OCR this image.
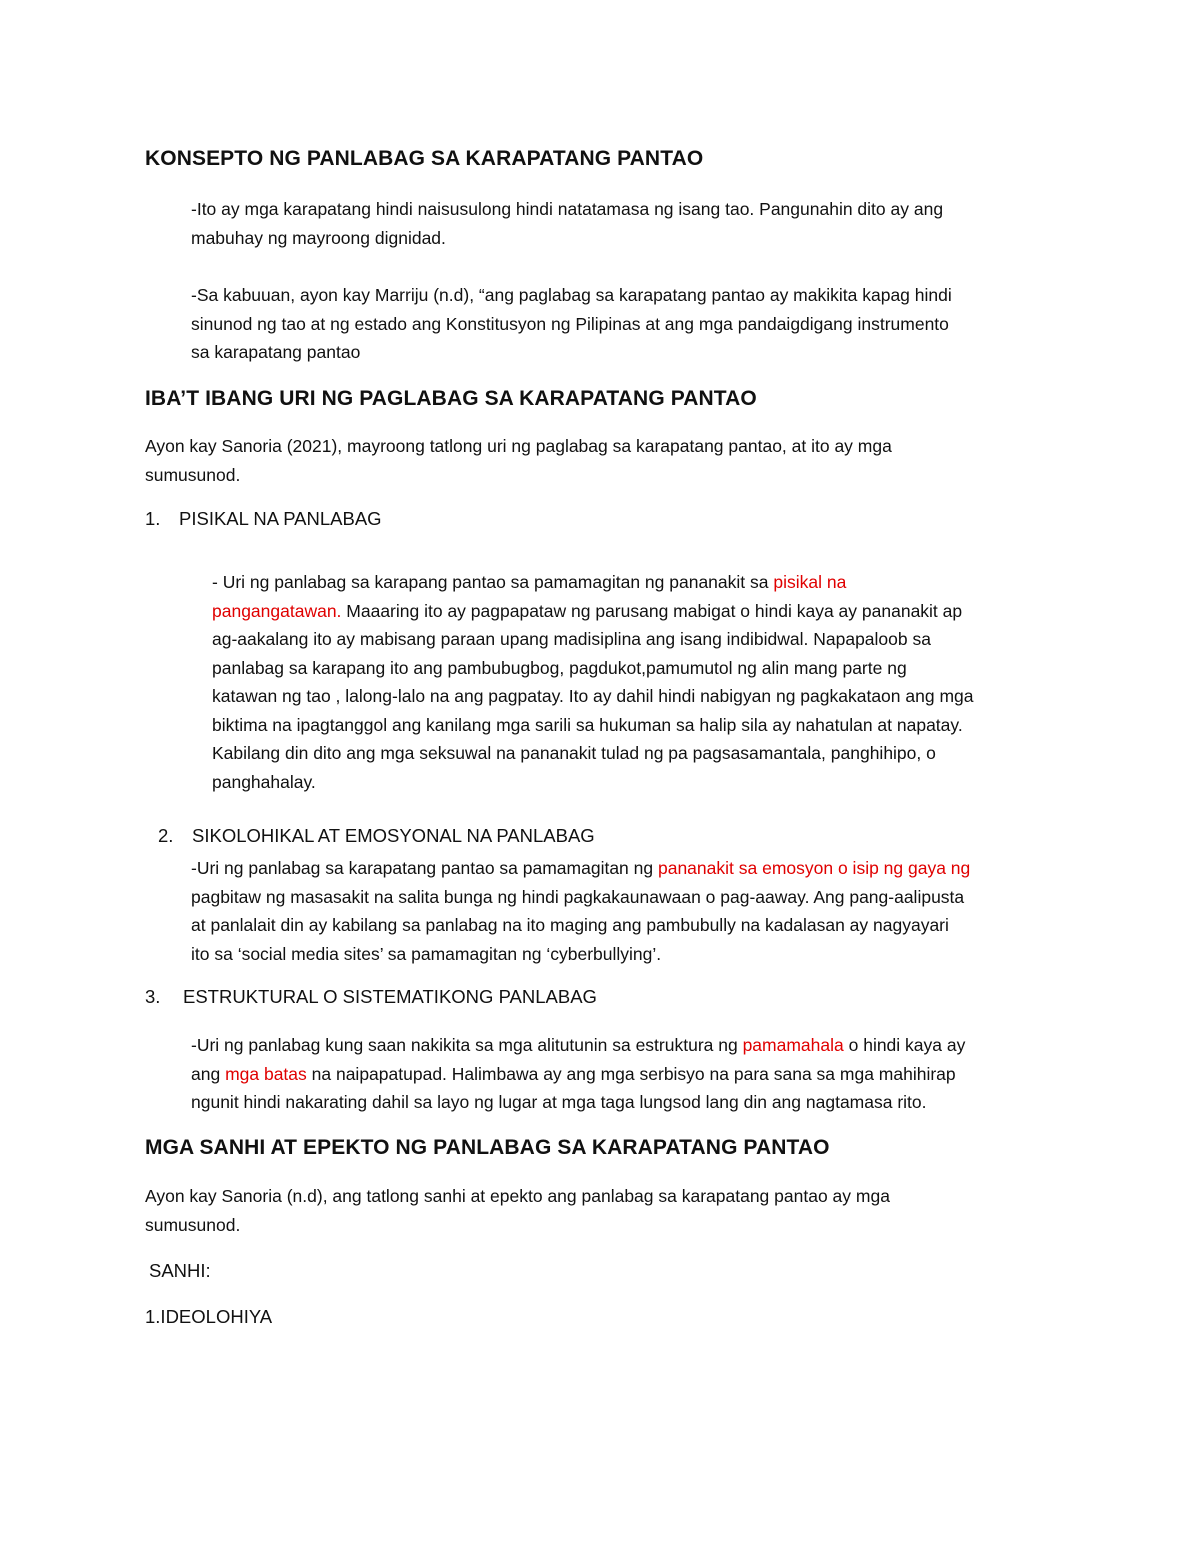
KONSEPTO NG PANLABAG SA KARAPATANG PANTAO
-Ito ay mga karapatang hindi naisusulong hindi natatamasa ng isang tao. Pangunahin dito ay ang
mabuhay ng mayroong dignidad.
-Sa kabuuan, ayon kay Marriju (n.d), “ang paglabag sa karapatang pantao ay makikita kapag hindi
sinunod ng tao at ng estado ang Konstitusyon ng Pilipinas at ang mga pandaigdigang instrumento
sa karapatang pantao
IBA’T IBANG URI NG PAGLABAG SA KARAPATANG PANTAO
Ayon kay Sanoria (2021), mayroong tatlong uri ng paglabag sa karapatang pantao, at ito ay mga
sumusunod.
1. PISIKAL NA PANLABAG
- Uri ng panlabag sa karapang pantao sa pamamagitan ng pananakit sa pisikal na
pangangatawan. Maaaring ito ay pagpapataw ng parusang mabigat o hindi kaya ay pananakit ap
ag-aakalang ito ay mabisang paraan upang madisiplina ang isang indibidwal. Napapaloob sa
panlabag sa karapang ito ang pambubugbog, pagdukot,pamumutol ng alin mang parte ng
katawan ng tao , lalong-lalo na ang pagpatay. Ito ay dahil hindi nabigyan ng pagkakataon ang mga
biktima na ipagtanggol ang kanilang mga sarili sa hukuman sa halip sila ay nahatulan at napatay.
Kabilang din dito ang mga seksuwal na pananakit tulad ng pa pagsasamantala, panghihipo, o
panghahalay.
2. SIKOLOHIKAL AT EMOSYONAL NA PANLABAG
-Uri ng panlabag sa karapatang pantao sa pamamagitan ng pananakit sa emosyon o isip ng gaya ng
pagbitaw ng masasakit na salita bunga ng hindi pagkakaunawaan o pag-aaway. Ang pang-aalipusta
at panlalait din ay kabilang sa panlabag na ito maging ang pambubully na kadalasan ay nagyayari
ito sa ‘social media sites’ sa pamamagitan ng ‘cyberbullying’.
3. ESTRUKTURAL O SISTEMATIKONG PANLABAG
-Uri ng panlabag kung saan nakikita sa mga alitutunin sa estruktura ng pamamahala o hindi kaya ay
ang mga batas na naipapatupad. Halimbawa ay ang mga serbisyo na para sana sa mga mahihirap
ngunit hindi nakarating dahil sa layo ng lugar at mga taga lungsod lang din ang nagtamasa rito.
MGA SANHI AT EPEKTO NG PANLABAG SA KARAPATANG PANTAO
Ayon kay Sanoria (n.d), ang tatlong sanhi at epekto ang panlabag sa karapatang pantao ay mga
sumusunod.
SANHI:
1.IDEOLOHIYA
